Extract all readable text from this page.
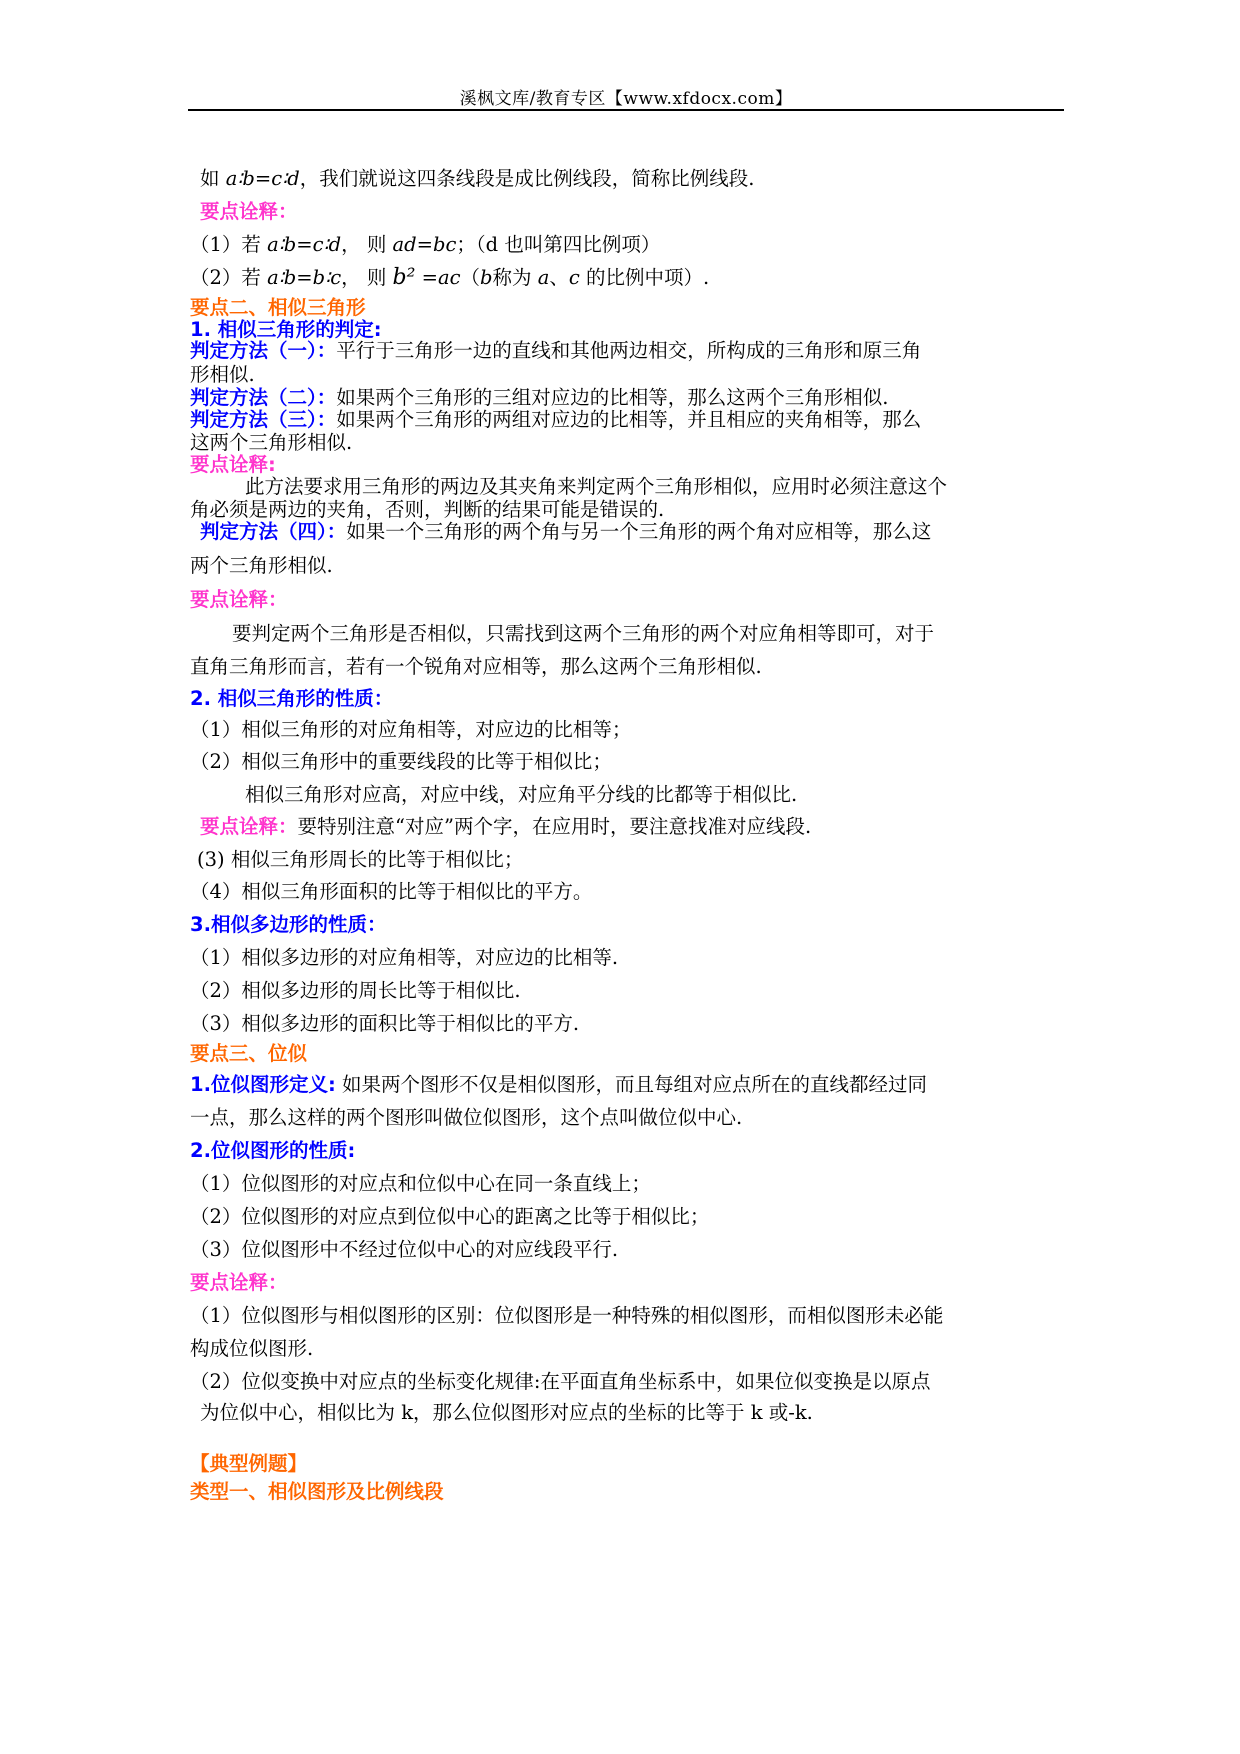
溪枫文库/教育专区【www.xfdocx.com】
如 a∶b=c∶d，我们就说这四条线段是成比例线段，简称比例线段.
要点诠释：
（1）若 a∶b=c∶d， 则 ad=bc；（d 也叫第四比例项）
（2）若 a∶b=b∶c， 则 b² =ac（b称为 a、c 的比例中项）.
要点二、相似三角形
1. 相似三角形的判定:
判定方法（一）：平行于三角形一边的直线和其他两边相交，所构成的三角形和原三角
形相似.
判定方法（二）：如果两个三角形的三组对应边的比相等，那么这两个三角形相似.
判定方法（三）：如果两个三角形的两组对应边的比相等，并且相应的夹角相等，那么
这两个三角形相似.
要点诠释:
此方法要求用三角形的两边及其夹角来判定两个三角形相似，应用时必须注意这个
角必须是两边的夹角，否则，判断的结果可能是错误的.
判定方法（四）：如果一个三角形的两个角与另一个三角形的两个角对应相等，那么这
两个三角形相似.
要点诠释：
要判定两个三角形是否相似，只需找到这两个三角形的两个对应角相等即可，对于
直角三角形而言，若有一个锐角对应相等，那么这两个三角形相似.
2. 相似三角形的性质：
（1）相似三角形的对应角相等，对应边的比相等；
（2）相似三角形中的重要线段的比等于相似比；
相似三角形对应高，对应中线，对应角平分线的比都等于相似比.
要点诠释：要特别注意“对应”两个字，在应用时，要注意找准对应线段.
(3) 相似三角形周长的比等于相似比；
（4）相似三角形面积的比等于相似比的平方。
3.相似多边形的性质：
（1）相似多边形的对应角相等，对应边的比相等.
（2）相似多边形的周长比等于相似比.
（3）相似多边形的面积比等于相似比的平方.
要点三、位似
1.位似图形定义: 如果两个图形不仅是相似图形，而且每组对应点所在的直线都经过同
一点，那么这样的两个图形叫做位似图形，这个点叫做位似中心.
2.位似图形的性质:
（1）位似图形的对应点和位似中心在同一条直线上；
（2）位似图形的对应点到位似中心的距离之比等于相似比；
（3）位似图形中不经过位似中心的对应线段平行.
要点诠释：
（1）位似图形与相似图形的区别：位似图形是一种特殊的相似图形，而相似图形未必能
构成位似图形.
（2）位似变换中对应点的坐标变化规律:在平面直角坐标系中，如果位似变换是以原点
为位似中心，相似比为 k，那么位似图形对应点的坐标的比等于 k 或-k.
【典型例题】
类型一、相似图形及比例线段
